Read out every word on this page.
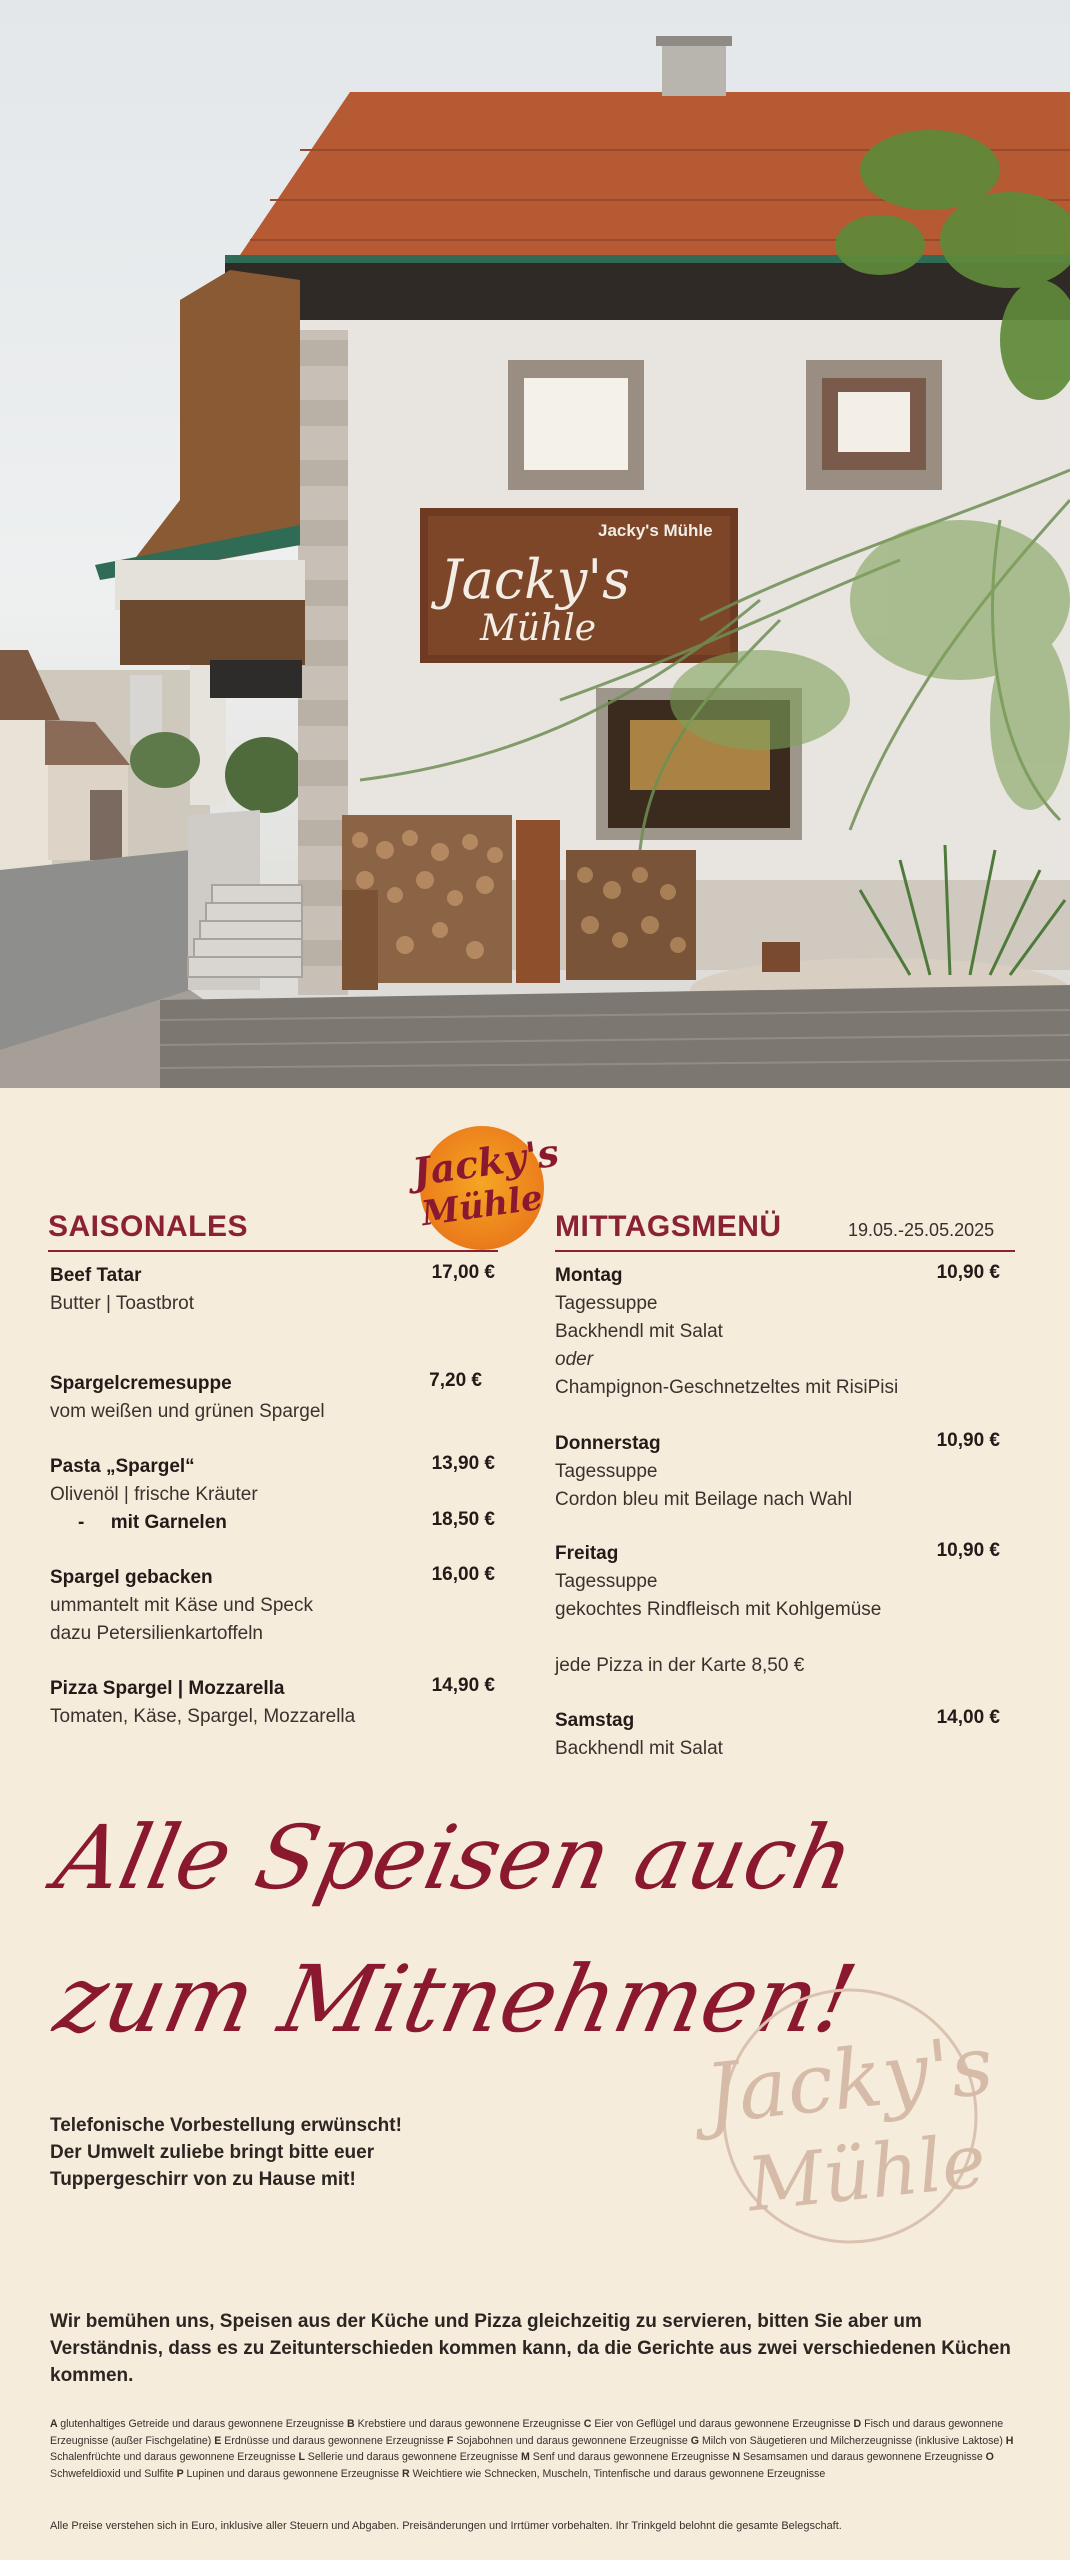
Jacky's
Mühle
Jacky's Mühle
Jacky's
Mühle
SAISONALES
Beef Tatar
Butter | Toastbrot
17,00 €
Spargelcremesuppe
vom weißen und grünen Spargel
7,20 €
Pasta „Spargel“
Olivenöl | frische Kräuter
-     mit Garnelen
13,90 €
18,50 €
Spargel gebacken
ummantelt mit Käse und Speck
dazu Petersilienkartoffeln
16,00 €
Pizza Spargel | Mozzarella
Tomaten, Käse, Spargel, Mozzarella
14,90 €
MITTAGSMENÜ	19.05.-25.05.2025
Montag
Tagessuppe
Backhendl mit Salat
oder
Champignon-Geschnetzeltes mit RisiPisi
10,90 €
Donnerstag
Tagessuppe
Cordon bleu mit Beilage nach Wahl
10,90 €
Freitag
Tagessuppe
gekochtes Rindfleisch mit Kohlgemüse
10,90 €
jede Pizza in der Karte 8,50 €
Samstag
Backhendl mit Salat
14,00 €
Alle Speisen auch
zum Mitnehmen!
Telefonische Vorbestellung erwünscht!
Der Umwelt zuliebe bringt bitte euer
Tuppergeschirr von zu Hause mit!
Jacky's
Mühle
Wir bemühen uns, Speisen aus der Küche und Pizza gleichzeitig zu servieren, bitten Sie aber um Verständnis, dass es zu Zeitunterschieden kommen kann, da die Gerichte aus zwei verschiedenen Küchen kommen.
A glutenhaltiges Getreide und daraus gewonnene Erzeugnisse B Krebstiere und daraus gewonnene Erzeugnisse C Eier von Geflügel und daraus gewonnene Erzeugnisse D Fisch und daraus gewonnene Erzeugnisse (außer Fischgelatine) E Erdnüsse und daraus gewonnene Erzeugnisse F Sojabohnen und daraus gewonnene Erzeugnisse G Milch von Säugetieren und Milcherzeugnisse (inklusive Laktose) H Schalenfrüchte und daraus gewonnene Erzeugnisse L Sellerie und daraus gewonnene Erzeugnisse M Senf und daraus gewonnene Erzeugnisse N Sesamsamen und daraus gewonnene Erzeugnisse O Schwefeldioxid und Sulfite P Lupinen und daraus gewonnene Erzeugnisse R Weichtiere wie Schnecken, Muscheln, Tintenfische und daraus gewonnene Erzeugnisse
Alle Preise verstehen sich in Euro, inklusive aller Steuern und Abgaben. Preisänderungen und Irrtümer vorbehalten. Ihr Trinkgeld belohnt die gesamte Belegschaft.
